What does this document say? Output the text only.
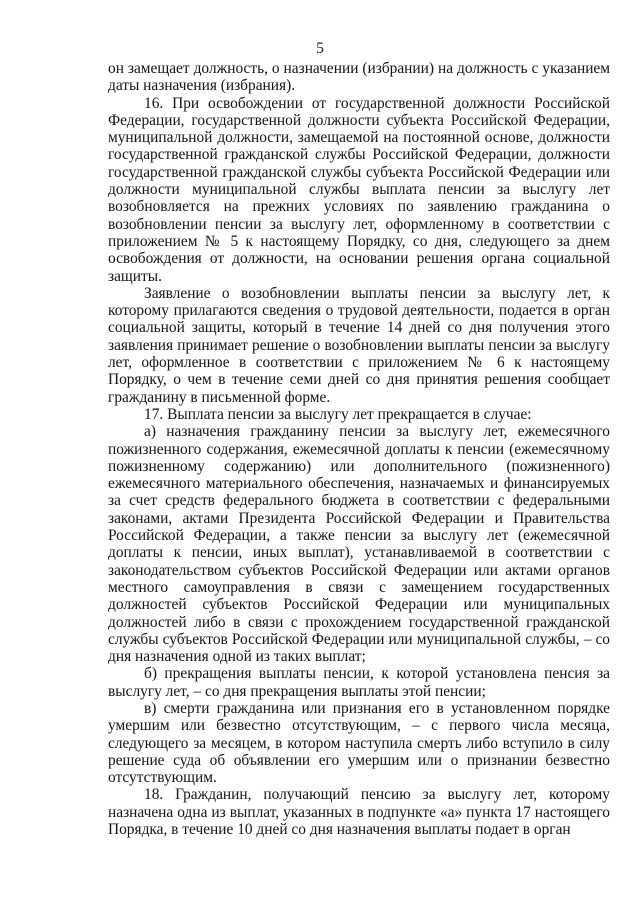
5

он замещает должность, о назначении (избрании) на должность с указанием даты назначения (избрания).

16. При освобождении от государственной должности Российской Федерации, государственной должности субъекта Российской Федерации, муниципальной должности, замещаемой на постоянной основе, должности государственной гражданской службы Российской Федерации, должности государственной гражданской службы субъекта Российской Федерации или должности муниципальной службы выплата пенсии за выслугу лет возобновляется на прежних условиях по заявлению гражданина о возобновлении пенсии за выслугу лет, оформленному в соответствии с приложением № 5 к настоящему Порядку, со дня, следующего за днем освобождения от должности, на основании решения органа социальной защиты.

Заявление о возобновлении выплаты пенсии за выслугу лет, к которому прилагаются сведения о трудовой деятельности, подается в орган социальной защиты, который в течение 14 дней со дня получения этого заявления принимает решение о возобновлении выплаты пенсии за выслугу лет, оформленное в соответствии с приложением № 6 к настоящему Порядку, о чем в течение семи дней со дня принятия решения сообщает гражданину в письменной форме.

17. Выплата пенсии за выслугу лет прекращается в случае:

а) назначения гражданину пенсии за выслугу лет, ежемесячного пожизненного содержания, ежемесячной доплаты к пенсии (ежемесячному пожизненному содержанию) или дополнительного (пожизненного) ежемесячного материального обеспечения, назначаемых и финансируемых за счет средств федерального бюджета в соответствии с федеральными законами, актами Президента Российской Федерации и Правительства Российской Федерации, а также пенсии за выслугу лет (ежемесячной доплаты к пенсии, иных выплат), устанавливаемой в соответствии с законодательством субъектов Российской Федерации или актами органов местного самоуправления в связи с замещением государственных должностей субъектов Российской Федерации или муниципальных должностей либо в связи с прохождением государственной гражданской службы субъектов Российской Федерации или муниципальной службы, – со дня назначения одной из таких выплат;

б) прекращения выплаты пенсии, к которой установлена пенсия за выслугу лет, – со дня прекращения выплаты этой пенсии;

в) смерти гражданина или признания его в установленном порядке умершим или безвестно отсутствующим, – с первого числа месяца, следующего за месяцем, в котором наступила смерть либо вступило в силу решение суда об объявлении его умершим или о признании безвестно отсутствующим.

18. Гражданин, получающий пенсию за выслугу лет, которому назначена одна из выплат, указанных в подпункте «а» пункта 17 настоящего Порядка, в течение 10 дней со дня назначения выплаты подает в орган
